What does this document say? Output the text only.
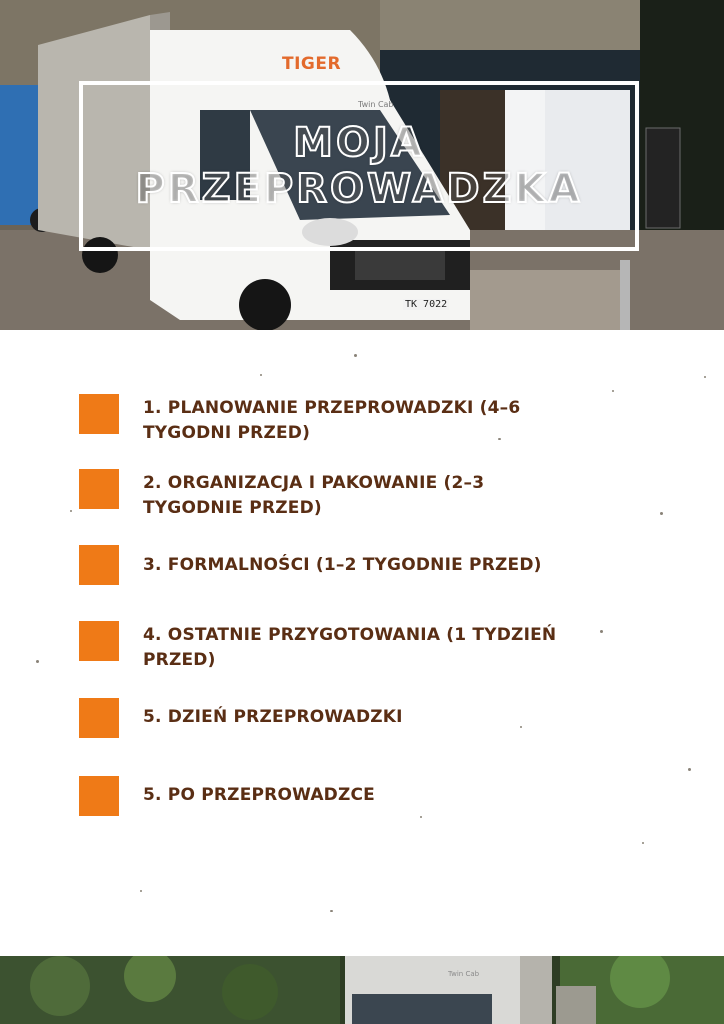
TIGER
Twin Cab
TK 7022
MOJA
PRZEPROWADZKA
1. PLANOWANIE PRZEPROWADZKI (4–6 TYGODNI PRZED)
2. ORGANIZACJA I PAKOWANIE (2–3 TYGODNIE PRZED)
3. FORMALNOŚCI (1–2 TYGODNIE PRZED)
4. OSTATNIE PRZYGOTOWANIA (1 TYDZIEŃ PRZED)
5. DZIEŃ PRZEPROWADZKI
5. PO PRZEPROWADZCE
Twin Cab
